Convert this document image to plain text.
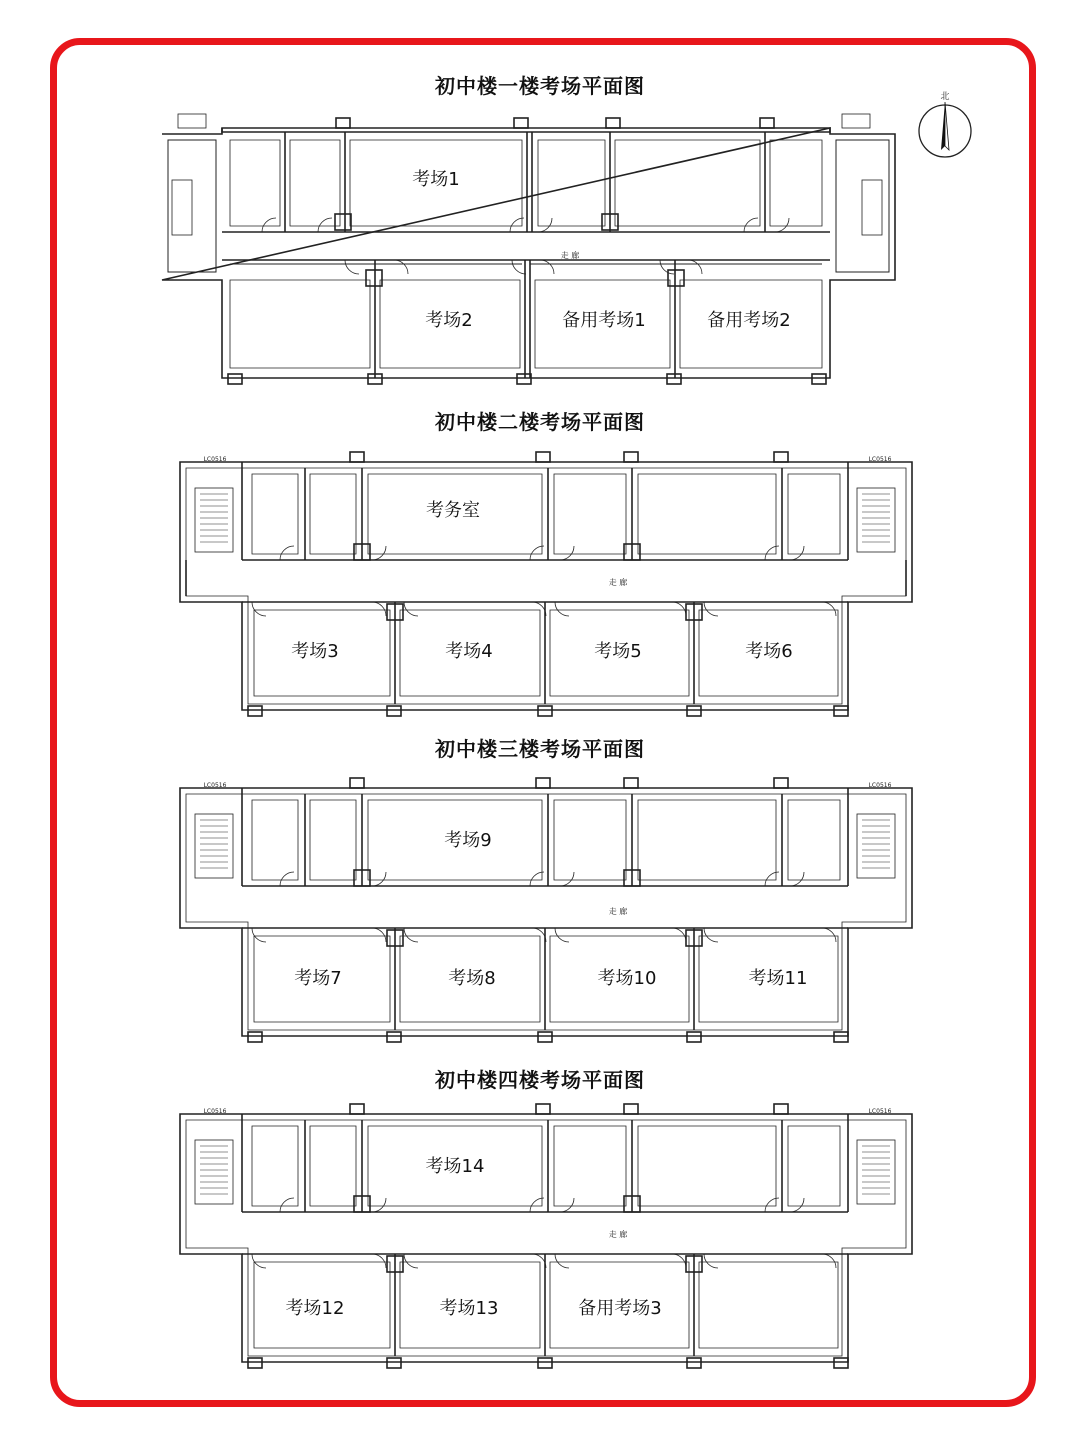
初中楼一楼考场平面图
初中楼二楼考场平面图
初中楼三楼考场平面图
初中楼四楼考场平面图
北
走 廊
考场1
考场2	备用考场1	备用考场2
LC0516	LC0516
走 廊
考务室
考场3	考场4	考场5	考场6
LC0516	LC0516
走 廊
考场9
考场7	考场8	考场10	考场11
LC0516	LC0516
走 廊
考场14
考场12	考场13	备用考场3
